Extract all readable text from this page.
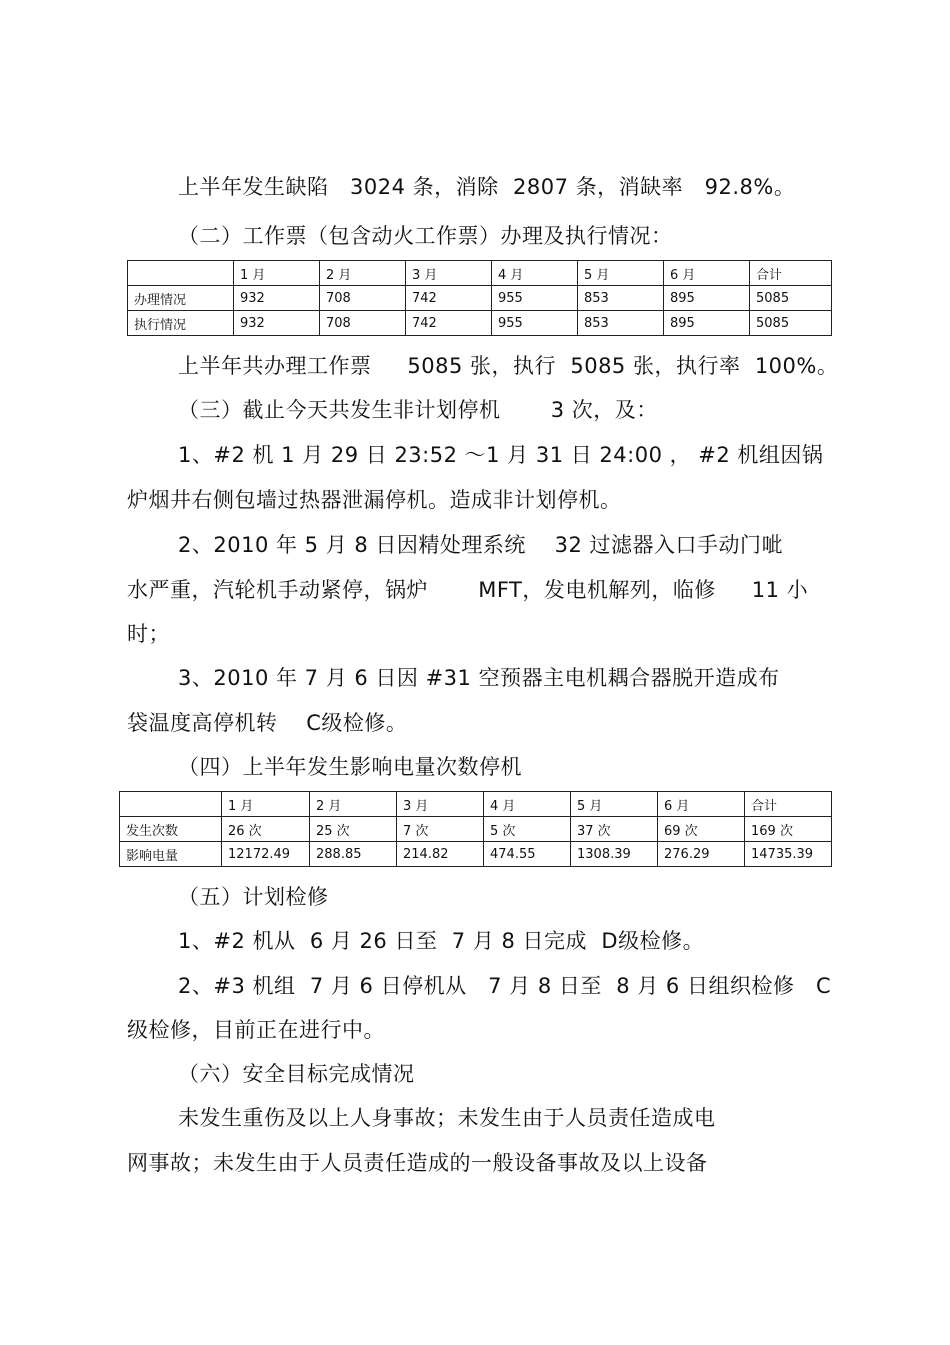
上半年发生缺陷   3024 条，消除  2807 条，消缺率   92.8%。
（二）工作票（包含动火工作票）办理及执行情况：
	1 月	2 月	3 月	4 月	5 月	6 月	合计
办理情况	932	708	742	955	853	895	5085
执行情况	932	708	742	955	853	895	5085
上半年共办理工作票     5085 张，执行  5085 张，执行率  100%。
（三）截止今天共发生非计划停机       3 次，及：
1、#2 机 1 月 29 日 23:52 ～1 月 31 日 24:00 ， #2 机组因锅
炉烟井右侧包墙过热器泄漏停机。造成非计划停机。
2、2010 年 5 月 8 日因精处理系统    32 过滤器入口手动门呲
水严重，汽轮机手动紧停，锅炉       MFT，发电机解列，临修     11 小
时；
3、2010 年 7 月 6 日因 #31 空预器主电机耦合器脱开造成布
袋温度高停机转    C级检修。
（四）上半年发生影响电量次数停机
	1 月	2 月	3 月	4 月	5 月	6 月	合计
发生次数	26 次	25 次	7 次	5 次	37 次	69 次	169 次
影响电量	12172.49	288.85	214.82	474.55	1308.39	276.29	14735.39
（五）计划检修
1、#2 机从  6 月 26 日至  7 月 8 日完成  D级检修。
2、#3 机组  7 月 6 日停机从   7 月 8 日至  8 月 6 日组织检修   C
级检修，目前正在进行中。
（六）安全目标完成情况
未发生重伤及以上人身事故；未发生由于人员责任造成电
网事故；未发生由于人员责任造成的一般设备事故及以上设备
